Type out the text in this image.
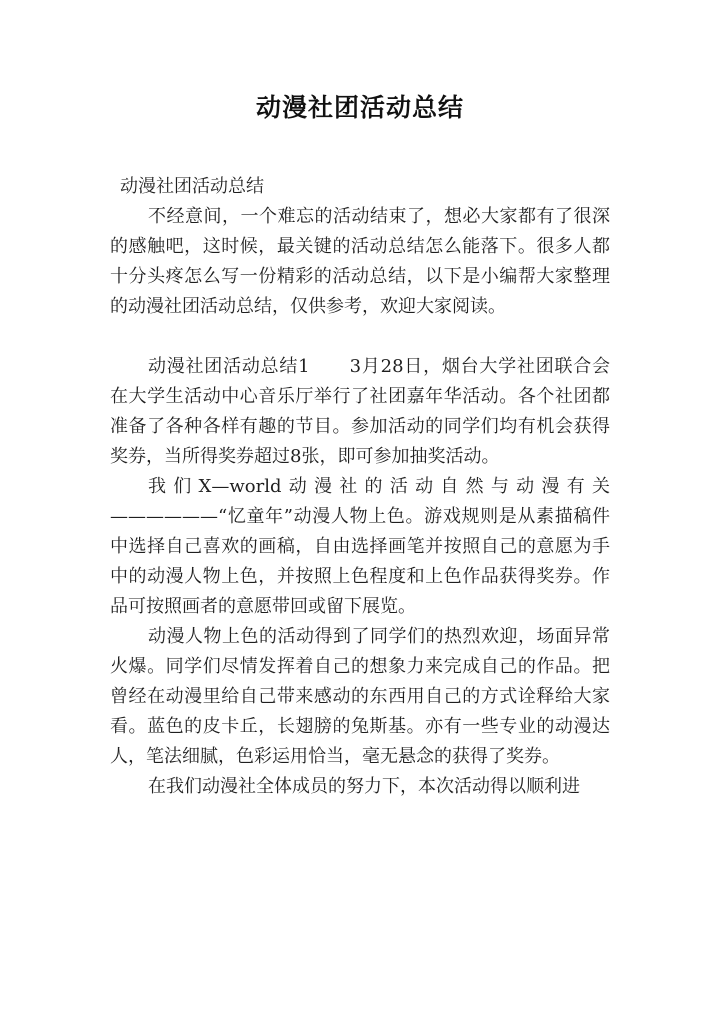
动漫社团活动总结

动漫社团活动总结

不经意间，一个难忘的活动结束了，想必大家都有了很深的感触吧，这时候，最关键的活动总结怎么能落下。很多人都十分头疼怎么写一份精彩的活动总结，以下是小编帮大家整理的动漫社团活动总结，仅供参考，欢迎大家阅读。

动漫社团活动总结1 3月28日，烟台大学社团联合会在大学生活动中心音乐厅举行了社团嘉年华活动。各个社团都准备了各种各样有趣的节目。参加活动的同学们均有机会获得奖券，当所得奖券超过8张，即可参加抽奖活动。

我们X—world动漫社的活动自然与动漫有关——————“忆童年”动漫人物上色。游戏规则是从素描稿件中选择自己喜欢的画稿，自由选择画笔并按照自己的意愿为手中的动漫人物上色，并按照上色程度和上色作品获得奖券。作品可按照画者的意愿带回或留下展览。

动漫人物上色的活动得到了同学们的热烈欢迎，场面异常火爆。同学们尽情发挥着自己的想象力来完成自己的作品。把曾经在动漫里给自己带来感动的东西用自己的方式诠释给大家看。蓝色的皮卡丘，长翅膀的兔斯基。亦有一些专业的动漫达人，笔法细腻，色彩运用恰当，毫无悬念的获得了奖券。

在我们动漫社全体成员的努力下，本次活动得以顺利进
